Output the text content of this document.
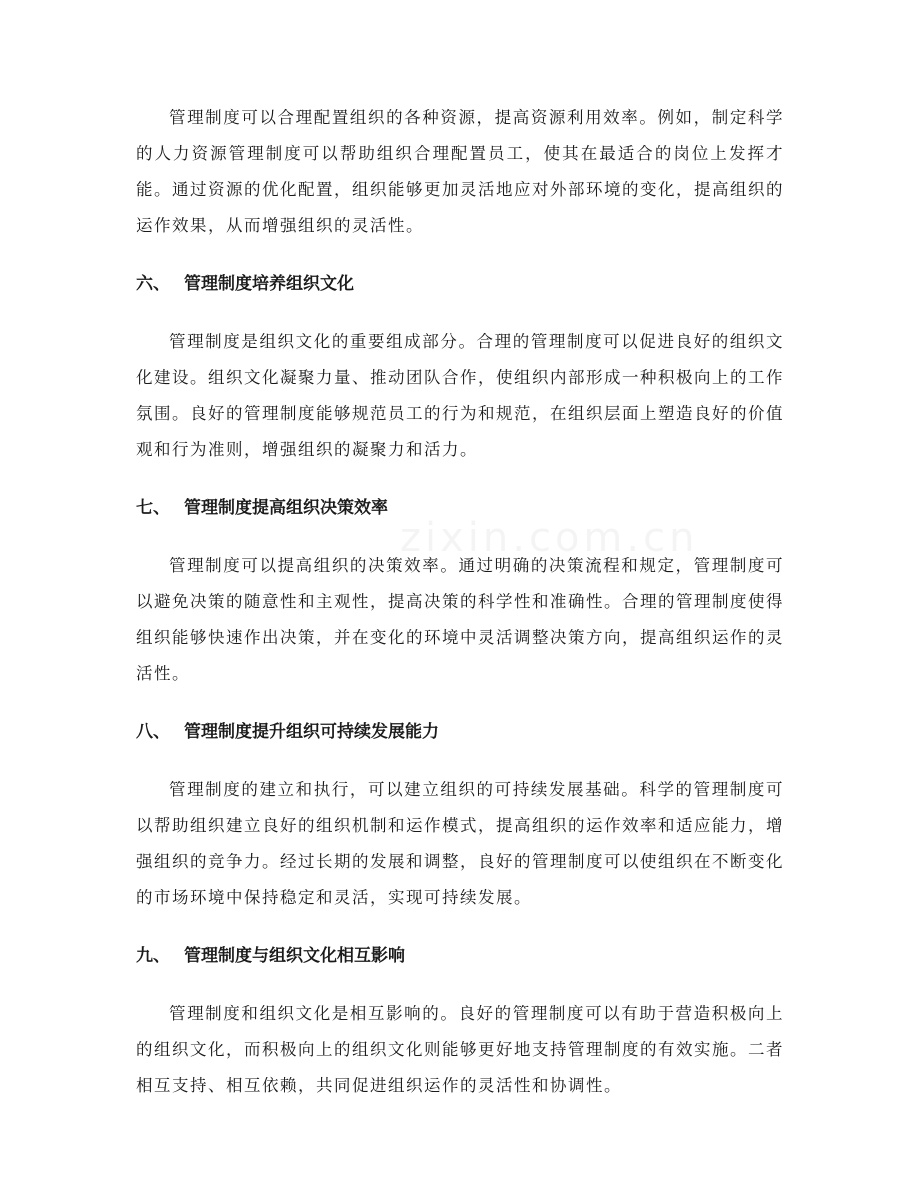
管理制度可以合理配置组织的各种资源，提高资源利用效率。例如，制定科学的人力资源管理制度可以帮助组织合理配置员工，使其在最适合的岗位上发挥才能。通过资源的优化配置，组织能够更加灵活地应对外部环境的变化，提高组织的运作效果，从而增强组织的灵活性。

六、 管理制度培养组织文化

管理制度是组织文化的重要组成部分。合理的管理制度可以促进良好的组织文化建设。组织文化凝聚力量、推动团队合作，使组织内部形成一种积极向上的工作氛围。良好的管理制度能够规范员工的行为和规范，在组织层面上塑造良好的价值观和行为准则，增强组织的凝聚力和活力。

七、 管理制度提高组织决策效率

管理制度可以提高组织的决策效率。通过明确的决策流程和规定，管理制度可以避免决策的随意性和主观性，提高决策的科学性和准确性。合理的管理制度使得组织能够快速作出决策，并在变化的环境中灵活调整决策方向，提高组织运作的灵活性。

八、 管理制度提升组织可持续发展能力

管理制度的建立和执行，可以建立组织的可持续发展基础。科学的管理制度可以帮助组织建立良好的组织机制和运作模式，提高组织的运作效率和适应能力，增强组织的竞争力。经过长期的发展和调整，良好的管理制度可以使组织在不断变化的市场环境中保持稳定和灵活，实现可持续发展。

九、 管理制度与组织文化相互影响

管理制度和组织文化是相互影响的。良好的管理制度可以有助于营造积极向上的组织文化，而积极向上的组织文化则能够更好地支持管理制度的有效实施。二者相互支持、相互依赖，共同促进组织运作的灵活性和协调性。
